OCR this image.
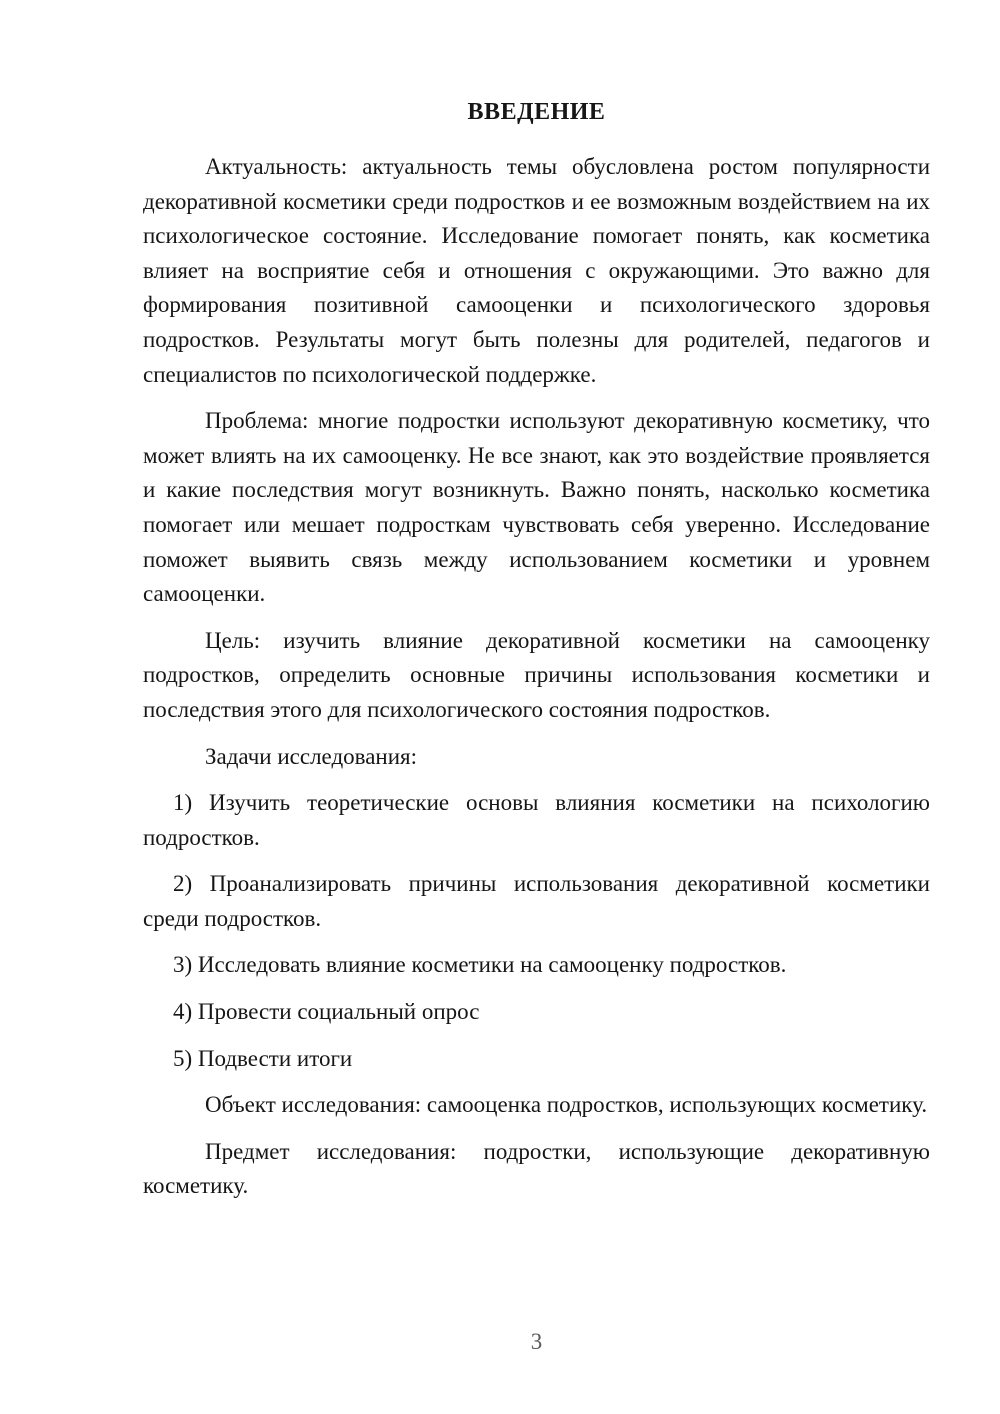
ВВЕДЕНИЕ

Актуальность: актуальность темы обусловлена ростом популярности декоративной косметики среди подростков и ее возможным воздействием на их психологическое состояние. Исследование помогает понять, как косметика влияет на восприятие себя и отношения с окружающими. Это важно для формирования позитивной самооценки и психологического здоровья подростков. Результаты могут быть полезны для родителей, педагогов и специалистов по психологической поддержке.

Проблема: многие подростки используют декоративную косметику, что может влиять на их самооценку. Не все знают, как это воздействие проявляется и какие последствия могут возникнуть. Важно понять, насколько косметика помогает или мешает подросткам чувствовать себя уверенно. Исследование поможет выявить связь между использованием косметики и уровнем самооценки.

Цель: изучить влияние декоративной косметики на самооценку подростков, определить основные причины использования косметики и последствия этого для психологического состояния подростков.

Задачи исследования:

1) Изучить теоретические основы влияния косметики на психологию подростков.

2) Проанализировать причины использования декоративной косметики среди подростков.

3) Исследовать влияние косметики на самооценку подростков.

4) Провести социальный опрос

5) Подвести итоги

Объект исследования: самооценка подростков, использующих косметику.

Предмет исследования: подростки, использующие декоративную косметику.

3
